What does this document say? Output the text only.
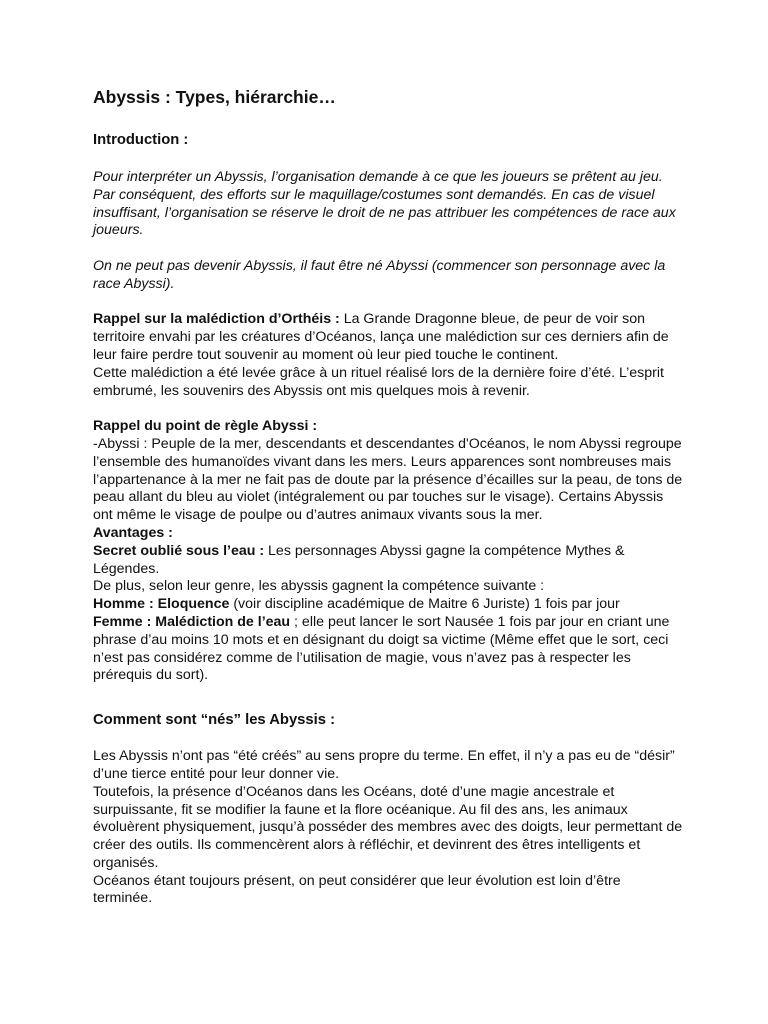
Abyssis : Types, hiérarchie…
Introduction :

Pour interpréter un Abyssis, l’organisation demande à ce que les joueurs se prêtent au jeu. Par conséquent, des efforts sur le maquillage/costumes sont demandés. En cas de visuel insuffisant, l’organisation se réserve le droit de ne pas attribuer les compétences de race aux joueurs.

On ne peut pas devenir Abyssis, il faut être né Abyssi (commencer son personnage avec la race Abyssi).

Rappel sur la malédiction d’Orthéis : La Grande Dragonne bleue, de peur de voir son territoire envahi par les créatures d’Océanos, lança une malédiction sur ces derniers afin de leur faire perdre tout souvenir au moment où leur pied touche le continent.

Cette malédiction a été levée grâce à un rituel réalisé lors de la dernière foire d’été. L’esprit embrumé, les souvenirs des Abyssis ont mis quelques mois à revenir.

Rappel du point de règle Abyssi :

-Abyssi : Peuple de la mer, descendants et descendantes d'Océanos, le nom Abyssi regroupe l’ensemble des humanoïdes vivant dans les mers. Leurs apparences sont nombreuses mais l’appartenance à la mer ne fait pas de doute par la présence d’écailles sur la peau, de tons de peau allant du bleu au violet (intégralement ou par touches sur le visage). Certains Abyssis ont même le visage de poulpe ou d’autres animaux vivants sous la mer.

Avantages :

Secret oublié sous l’eau : Les personnages Abyssi gagne la compétence Mythes & Légendes.

De plus, selon leur genre, les abyssis gagnent la compétence suivante :

Homme : Eloquence (voir discipline académique de Maitre 6 Juriste) 1 fois par jour

Femme : Malédiction de l’eau ; elle peut lancer le sort Nausée 1 fois par jour en criant une phrase d’au moins 10 mots et en désignant du doigt sa victime (Même effet que le sort, ceci n’est pas considérez comme de l’utilisation de magie, vous n’avez pas à respecter les prérequis du sort).

Comment sont “nés” les Abyssis :

Les Abyssis n’ont pas “été créés” au sens propre du terme. En effet, il n’y a pas eu de “désir” d’une tierce entité pour leur donner vie.

Toutefois, la présence d’Océanos dans les Océans, doté d’une magie ancestrale et surpuissante, fit se modifier la faune et la flore océanique. Au fil des ans, les animaux évoluèrent physiquement, jusqu’à posséder des membres avec des doigts, leur permettant de créer des outils. Ils commencèrent alors à réfléchir, et devinrent des êtres intelligents et organisés.

Océanos étant toujours présent, on peut considérer que leur évolution est loin d’être terminée.
